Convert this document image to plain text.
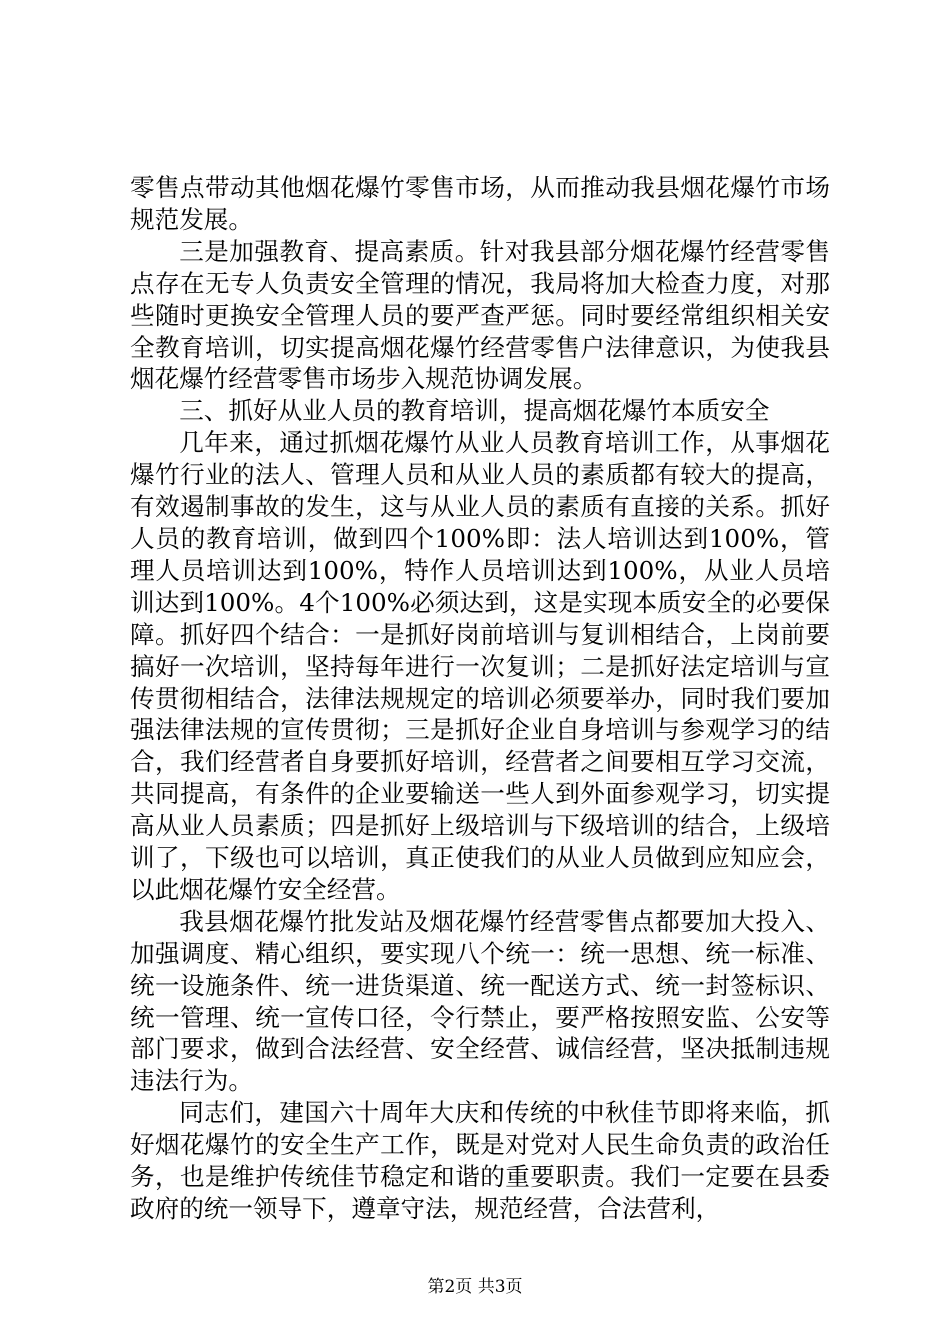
零售点带动其他烟花爆竹零售市场，从而推动我县烟花爆竹市场规范发展。

三是加强教育、提高素质。针对我县部分烟花爆竹经营零售点存在无专人负责安全管理的情况，我局将加大检查力度，对那些随时更换安全管理人员的要严查严惩。同时要经常组织相关安全教育培训，切实提高烟花爆竹经营零售户法律意识，为使我县烟花爆竹经营零售市场步入规范协调发展。

三、抓好从业人员的教育培训，提高烟花爆竹本质安全

几年来，通过抓烟花爆竹从业人员教育培训工作，从事烟花爆竹行业的法人、管理人员和从业人员的素质都有较大的提高，有效遏制事故的发生，这与从业人员的素质有直接的关系。抓好人员的教育培训，做到四个100%即：法人培训达到100%，管理人员培训达到100%，特作人员培训达到100%，从业人员培训达到100%。4个100%必须达到，这是实现本质安全的必要保障。抓好四个结合：一是抓好岗前培训与复训相结合，上岗前要搞好一次培训，坚持每年进行一次复训；二是抓好法定培训与宣传贯彻相结合，法律法规规定的培训必须要举办，同时我们要加强法律法规的宣传贯彻；三是抓好企业自身培训与参观学习的结合，我们经营者自身要抓好培训，经营者之间要相互学习交流，共同提高，有条件的企业要输送一些人到外面参观学习，切实提高从业人员素质；四是抓好上级培训与下级培训的结合，上级培训了，下级也可以培训，真正使我们的从业人员做到应知应会，以此烟花爆竹安全经营。

我县烟花爆竹批发站及烟花爆竹经营零售点都要加大投入、加强调度、精心组织，要实现八个统一：统一思想、统一标准、统一设施条件、统一进货渠道、统一配送方式、统一封签标识、统一管理、统一宣传口径，令行禁止，要严格按照安监、公安等部门要求，做到合法经营、安全经营、诚信经营，坚决抵制违规违法行为。

同志们，建国六十周年大庆和传统的中秋佳节即将来临，抓好烟花爆竹的安全生产工作，既是对党对人民生命负责的政治任务，也是维护传统佳节稳定和谐的重要职责。我们一定要在县委政府的统一领导下，遵章守法，规范经营，合法营利，

第2页 共3页
